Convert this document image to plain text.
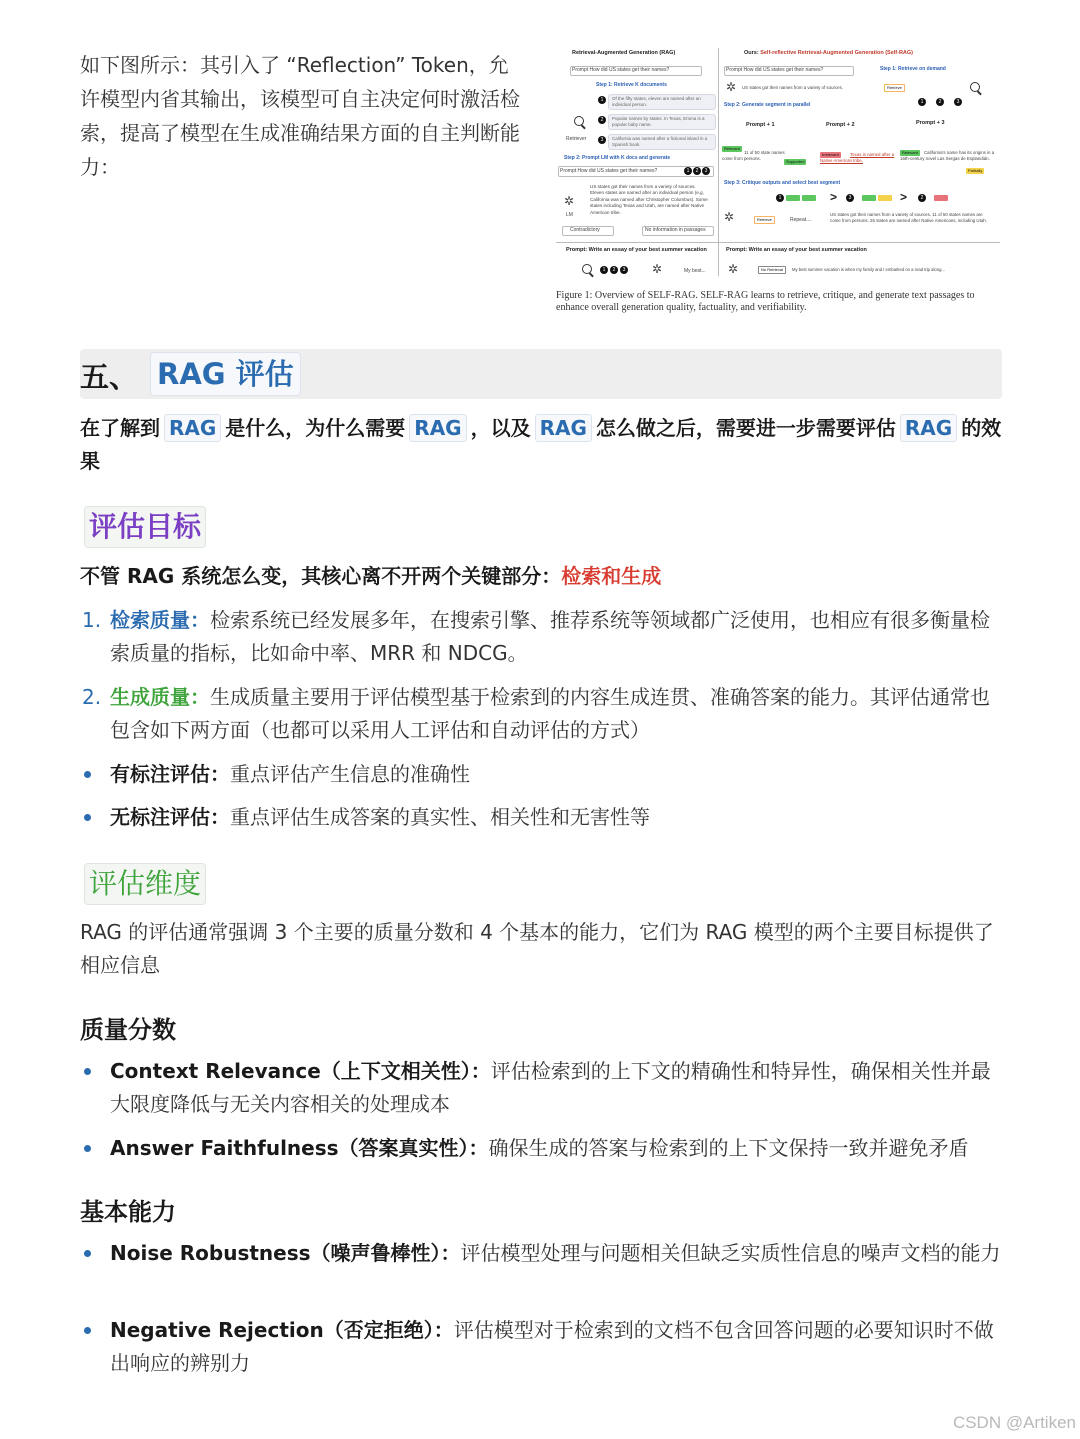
如下图所示：其引入了 “Reflection” Token，允许模型内省其输出，该模型可自主决定何时激活检索，提高了模型在生成准确结果方面的自主判断能力：
Retrieval-Augmented Generation (RAG)
Prompt How did US states get their names?
Step 1: Retrieve K documents
1	Of the fifty states, eleven are named after an individual person.
2	Popular names by states. In Texas, Emma is a popular baby name.
Retriever	3	California was named after a fictional island in a Spanish book.
Step 2: Prompt LM with K docs and generate
Prompt How did US states get their names?	1	2	3
✲
LM
US states got their names from a variety of sources. Eleven states are named after an individual person (e.g, California was named after Christopher Columbus). Some states including Texas and Utah, are named after Native American tribe.
Contradictory	No information in passages
Ours: Self-reflective Retrieval-Augmented Generation (Self-RAG)
Prompt How did US states get their names?	Step 1: Retrieve on demand
✲ US states got their names from a variety of sources.	Retrieve
1	2	3
Step 2: Generate segment in parallel
Prompt + 1	Prompt + 2	Prompt + 3
Relevant
11 of 50 state names come from persons.
Supported
Irrelevant	Texas is named after a Native American tribe.
Relevant	California's name has its origins in a 16th-century novel Las Sergas de Esplandián.
Partially
Step 3: Critique outputs and select best segment
1	>	3	>	2
✲	Retrieve	Repeat....
US states got their names from a variety of sources. 11 of 50 states names are come from persons. 26 states are named after Native Americans, including Utah.
Prompt: Write an essay of your best summer vacation
1	2	3 ✲	My best...
Prompt: Write an essay of your best summer vacation
✲	No Retrieval	My best summer vacation is when my family and I embarked on a road trip along...
Figure 1: Overview of SELF-RAG. SELF-RAG learns to retrieve, critique, and generate text passages to enhance overall generation quality, factuality, and verifiability.
五、 RAG 评估
在了解到 RAG 是什么，为什么需要 RAG ，以及 RAG 怎么做之后，需要进一步需要评估 RAG 的效果
评估目标
不管 RAG 系统怎么变，其核心离不开两个关键部分：检索和生成
1. 检索质量：检索系统已经发展多年，在搜索引擎、推荐系统等领域都广泛使用，也相应有很多衡量检索质量的指标，比如命中率、MRR 和 NDCG。
2. 生成质量：生成质量主要用于评估模型基于检索到的内容生成连贯、准确答案的能力。其评估通常也包含如下两方面（也都可以采用人工评估和自动评估的方式）
有标注评估：重点评估产生信息的准确性
无标注评估：重点评估生成答案的真实性、相关性和无害性等
评估维度
RAG 的评估通常强调 3 个主要的质量分数和 4 个基本的能力，它们为 RAG 模型的两个主要目标提供了相应信息
质量分数
Context Relevance（上下文相关性）：评估检索到的上下文的精确性和特异性，确保相关性并最大限度降低与无关内容相关的处理成本
Answer Faithfulness（答案真实性）：确保生成的答案与检索到的上下文保持一致并避免矛盾
基本能力
Noise Robustness（噪声鲁棒性）：评估模型处理与问题相关但缺乏实质性信息的噪声文档的能力
Negative Rejection（否定拒绝）：评估模型对于检索到的文档不包含回答问题的必要知识时不做出响应的辨别力
CSDN @Artiken
